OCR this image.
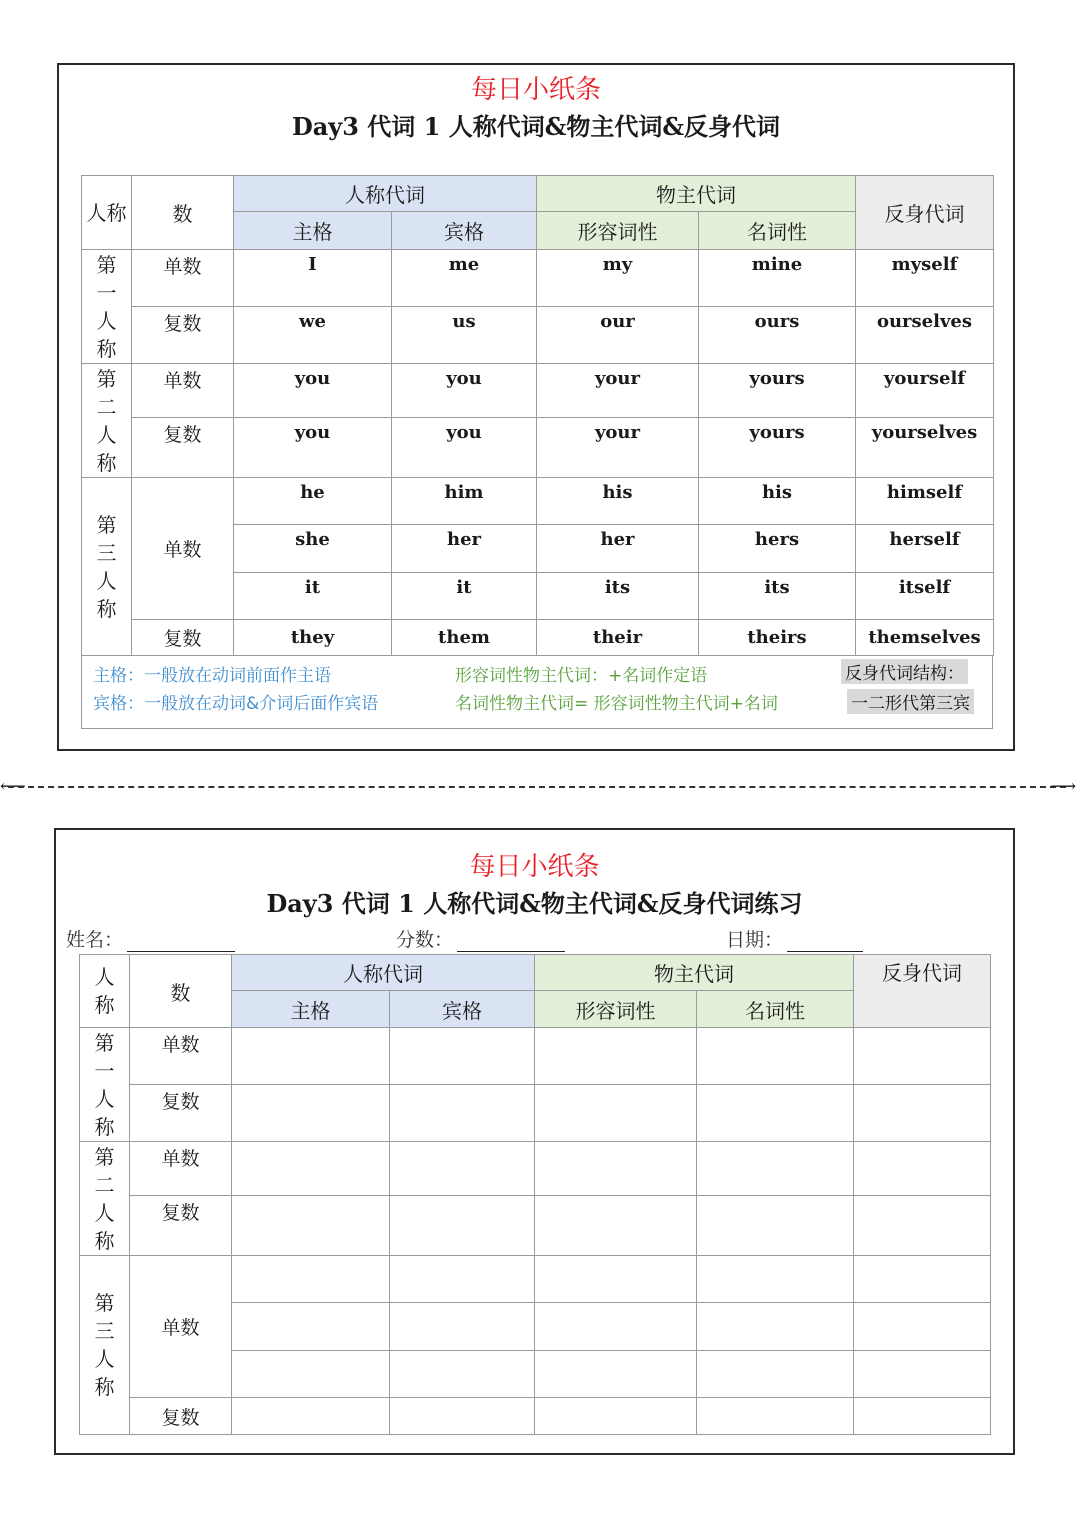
每日小纸条
Day3 代词 1 人称代词&物主代词&反身代词
人称	数	人称代词		物主代词		反身代词
		主格	宾格	形容词性	名词性	
第一人称	单数	I	me	my	mine	myself
	复数	we	us	our	ours	ourselves
第二人称	单数	you	you	your	yours	yourself
	复数	you	you	your	yours	yourselves
第三人称	单数	he	him	his	his	himself
		she	her	her	hers	herself
		it	it	its	its	itself
	复数	they	them	their	theirs	themselves
主格：一般放在动词前面作主语
宾格：一般放在动词&介词后面作宾语
形容词性物主代词：+名词作定语
名词性物主代词= 形容词性物主代词+名词
反身代词结构：
一二形代第三宾
⟵	⟶
每日小纸条
Day3 代词 1 人称代词&物主代词&反身代词练习
姓名：	分数：	日期：
人称	数	人称代词		物主代词		反身代词
		主格	宾格	形容词性	名词性	
第一人称	单数					
	复数					
第二人称	单数					
	复数					
第三人称	单数					

	复数					
